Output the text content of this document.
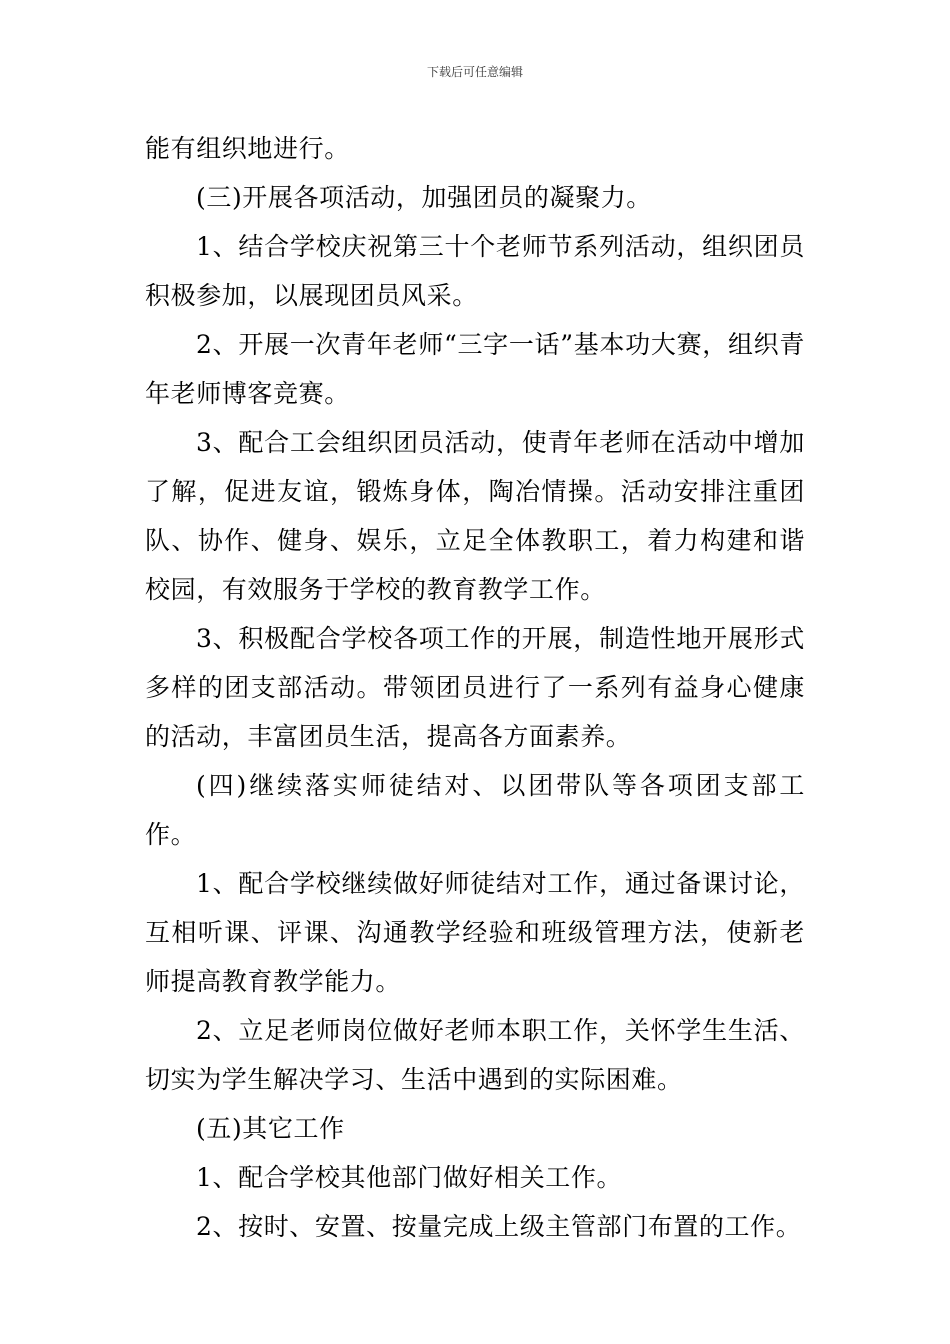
下载后可任意编辑

能有组织地进行。

(三)开展各项活动，加强团员的凝聚力。

1、结合学校庆祝第三十个老师节系列活动，组织团员积极参加，以展现团员风采。

2、开展一次青年老师“三字一话”基本功大赛，组织青年老师博客竞赛。

3、配合工会组织团员活动，使青年老师在活动中增加了解，促进友谊，锻炼身体，陶冶情操。活动安排注重团队、协作、健身、娱乐，立足全体教职工，着力构建和谐校园，有效服务于学校的教育教学工作。

3、积极配合学校各项工作的开展，制造性地开展形式多样的团支部活动。带领团员进行了一系列有益身心健康的活动，丰富团员生活，提高各方面素养。

(四)继续落实师徒结对、以团带队等各项团支部工作。

1、配合学校继续做好师徒结对工作，通过备课讨论，互相听课、评课、沟通教学经验和班级管理方法，使新老师提高教育教学能力。

2、立足老师岗位做好老师本职工作，关怀学生生活、切实为学生解决学习、生活中遇到的实际困难。

(五)其它工作

1、配合学校其他部门做好相关工作。

2、按时、安置、按量完成上级主管部门布置的工作。
